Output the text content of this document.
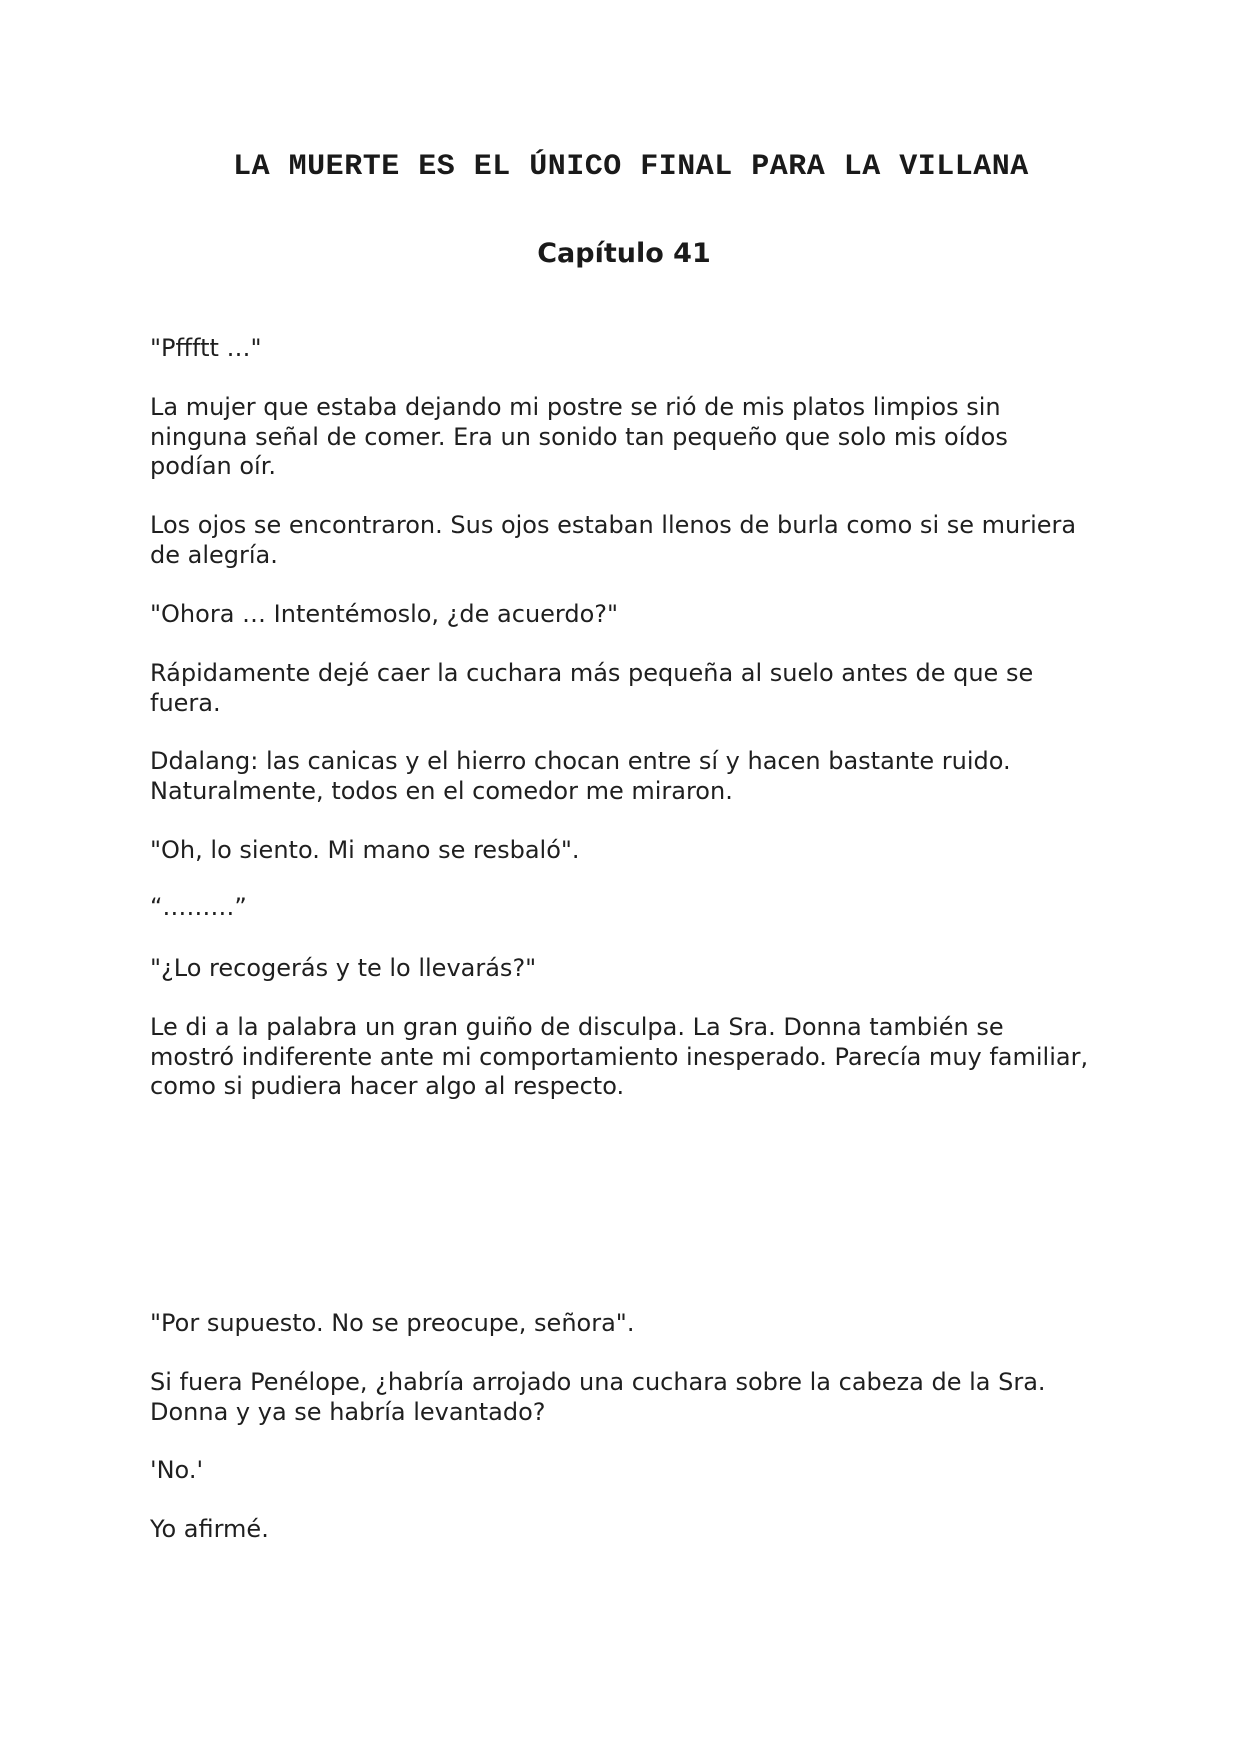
LA MUERTE ES EL ÚNICO FINAL PARA LA VILLANA
Capítulo 41

"Pffftt …"

La mujer que estaba dejando mi postre se rió de mis platos limpios sin ninguna señal de comer. Era un sonido tan pequeño que solo mis oídos podían oír.

Los ojos se encontraron. Sus ojos estaban llenos de burla como si se muriera de alegría.

"Ohora … Intentémoslo, ¿de acuerdo?"

Rápidamente dejé caer la cuchara más pequeña al suelo antes de que se fuera.

Ddalang: las canicas y el hierro chocan entre sí y hacen bastante ruido. Naturalmente, todos en el comedor me miraron.

"Oh, lo siento. Mi mano se resbaló".

“………”

"¿Lo recogerás y te lo llevarás?"

Le di a la palabra un gran guiño de disculpa. La Sra. Donna también se mostró indiferente ante mi comportamiento inesperado. Parecía muy familiar, como si pudiera hacer algo al respecto.

"Por supuesto. No se preocupe, señora".

Si fuera Penélope, ¿habría arrojado una cuchara sobre la cabeza de la Sra. Donna y ya se habría levantado?

'No.'

Yo afirmé.
